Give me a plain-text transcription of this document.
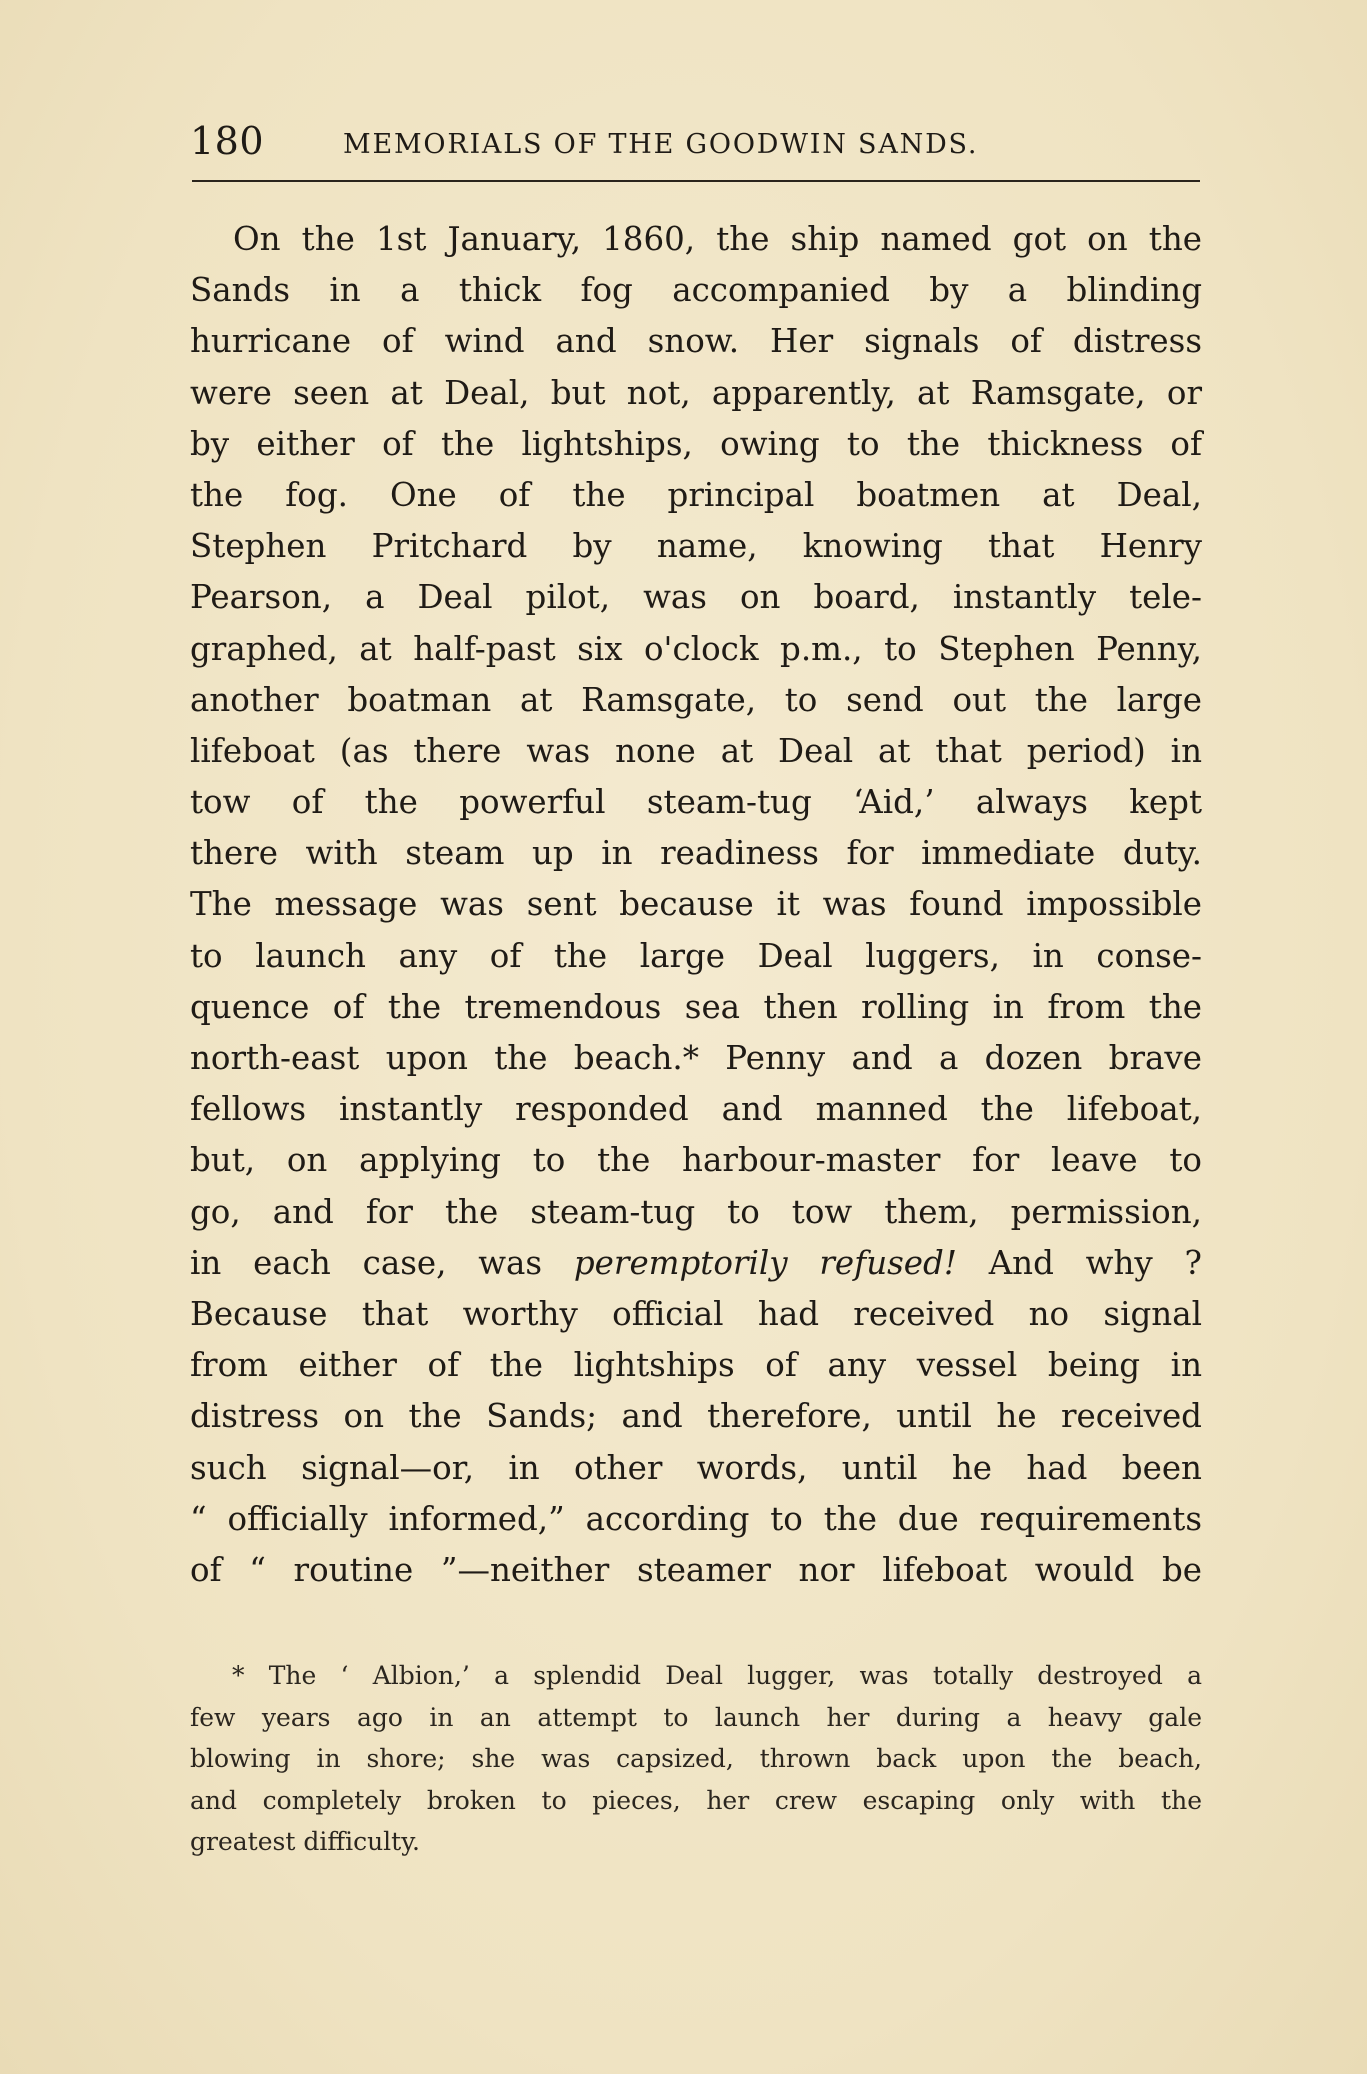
180	MEMORIALS OF THE GOODWIN SANDS.
On the 1st January, 1860, the ship named got on the
Sands in a thick fog accompanied by a blinding
hurricane of wind and snow. Her signals of distress
were seen at Deal, but not, apparently, at Ramsgate, or
by either of the lightships, owing to the thickness of
the fog. One of the principal boatmen at Deal,
Stephen Pritchard by name, knowing that Henry
Pearson, a Deal pilot, was on board, instantly tele-
graphed, at half-past six o'clock p.m., to Stephen Penny,
another boatman at Ramsgate, to send out the large
lifeboat (as there was none at Deal at that period) in
tow of the powerful steam-tug ‘Aid,’ always kept
there with steam up in readiness for immediate duty.
The message was sent because it was found impossible
to launch any of the large Deal luggers, in conse-
quence of the tremendous sea then rolling in from the
north-east upon the beach.* Penny and a dozen brave
fellows instantly responded and manned the lifeboat,
but, on applying to the harbour-master for leave to
go, and for the steam-tug to tow them, permission,
in each case, was peremptorily refused! And why ?
Because that worthy official had received no signal
from either of the lightships of any vessel being in
distress on the Sands; and therefore, until he received
such signal—or, in other words, until he had been
“ officially informed,” according to the due requirements
of “ routine ”—neither steamer nor lifeboat would be
* The ‘ Albion,’ a splendid Deal lugger, was totally destroyed a
few years ago in an attempt to launch her during a heavy gale
blowing in shore; she was capsized, thrown back upon the beach,
and completely broken to pieces, her crew escaping only with the
greatest difficulty.
